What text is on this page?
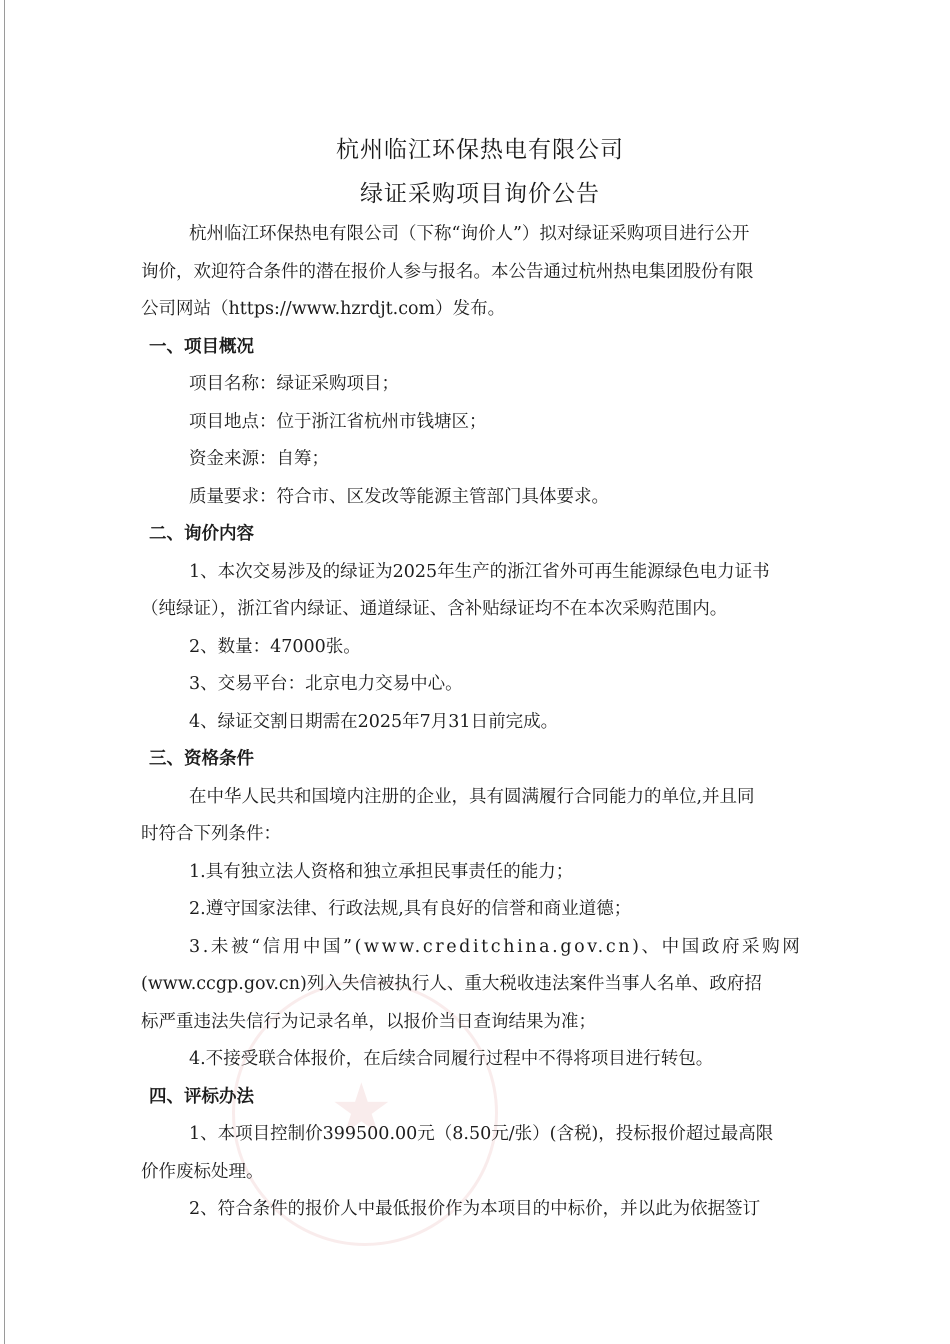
★

杭州临江环保热电有限公司

绿证采购项目询价公告

杭州临江环保热电有限公司（下称“询价人”）拟对绿证采购项目进行公开

询价，欢迎符合条件的潜在报价人参与报名。本公告通过杭州热电集团股份有限

公司网站（https://www.hzrdjt.com）发布。

一、项目概况

项目名称：绿证采购项目；

项目地点：位于浙江省杭州市钱塘区；

资金来源：自筹；

质量要求：符合市、区发改等能源主管部门具体要求。

二、询价内容

1、本次交易涉及的绿证为2025年生产的浙江省外可再生能源绿色电力证书

（纯绿证），浙江省内绿证、通道绿证、含补贴绿证均不在本次采购范围内。

2、数量：47000张。

3、交易平台：北京电力交易中心。

4、绿证交割日期需在2025年7月31日前完成。

三、资格条件

在中华人民共和国境内注册的企业，具有圆满履行合同能力的单位,并且同

时符合下列条件：

1.具有独立法人资格和独立承担民事责任的能力；

2.遵守国家法律、行政法规,具有良好的信誉和商业道德；

3.未被“信用中国”(www.creditchina.gov.cn)、中国政府采购网

(www.ccgp.gov.cn)列入失信被执行人、重大税收违法案件当事人名单、政府招

标严重违法失信行为记录名单，以报价当日查询结果为准；

4.不接受联合体报价，在后续合同履行过程中不得将项目进行转包。

四、评标办法

1、本项目控制价399500.00元（8.50元/张）(含税)，投标报价超过最高限

价作废标处理。

2、符合条件的报价人中最低报价作为本项目的中标价，并以此为依据签订
